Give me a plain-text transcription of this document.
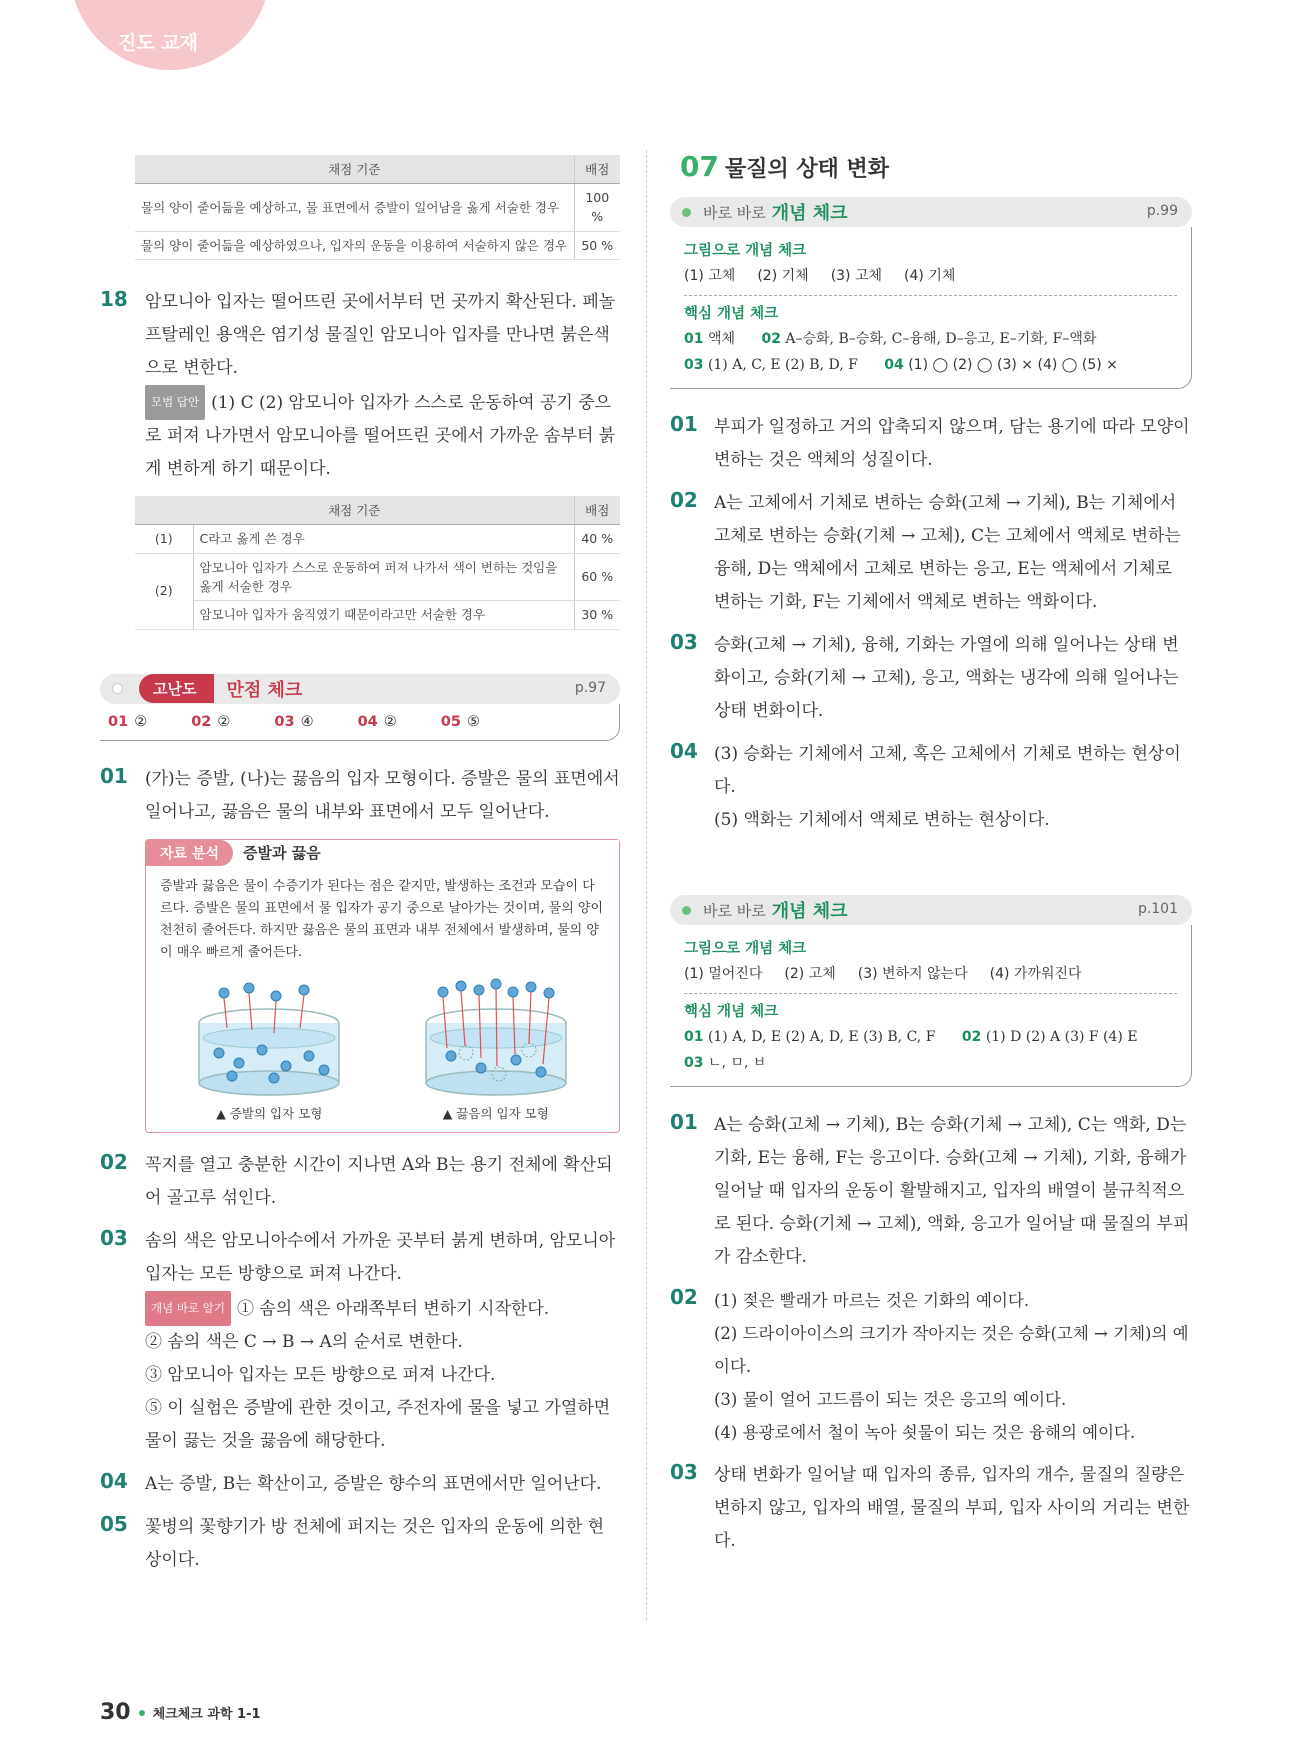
진도 교재
채점 기준	배점
물의 양이 줄어듦을 예상하고, 물 표면에서 증발이 일어남을 옳게 서술한 경우	100 %
물의 양이 줄어듦을 예상하였으나, 입자의 운동을 이용하여 서술하지 않은 경우	50 %
18 암모니아 입자는 떨어뜨린 곳에서부터 먼 곳까지 확산된다. 페놀프탈레인 용액은 염기성 물질인 암모니아 입자를 만나면 붉은색으로 변한다.
모범 답안 (1) C (2) 암모니아 입자가 스스로 운동하여 공기 중으로 퍼져 나가면서 암모니아를 떨어뜨린 곳에서 가까운 솜부터 붉게 변하게 하기 때문이다.
채점 기준		배점
(1)	C라고 옳게 쓴 경우	40 %
(2)	암모니아 입자가 스스로 운동하여 퍼져 나가서 색이 변하는 것임을 옳게 서술한 경우	60 %
	암모니아 입자가 움직였기 때문이라고만 서술한 경우	30 %
고난도	만점 체크	p.97
01 ②	02 ②	03 ④	04 ②	05 ⑤
01 (가)는 증발, (나)는 끓음의 입자 모형이다. 증발은 물의 표면에서 일어나고, 끓음은 물의 내부와 표면에서 모두 일어난다.
자료 분석	증발과 끓음
증발과 끓음은 물이 수증기가 된다는 점은 같지만, 발생하는 조건과 모습이 다르다. 증발은 물의 표면에서 물 입자가 공기 중으로 날아가는 것이며, 물의 양이 천천히 줄어든다. 하지만 끓음은 물의 표면과 내부 전체에서 발생하며, 물의 양이 매우 빠르게 줄어든다.
▲ 증발의 입자 모형	▲ 끓음의 입자 모형
02 꼭지를 열고 충분한 시간이 지나면 A와 B는 용기 전체에 확산되어 골고루 섞인다.
03 솜의 색은 암모니아수에서 가까운 곳부터 붉게 변하며, 암모니아 입자는 모든 방향으로 퍼져 나간다.
개념 바로 알기 ① 솜의 색은 아래쪽부터 변하기 시작한다.
② 솜의 색은 C → B → A의 순서로 변한다.
③ 암모니아 입자는 모든 방향으로 퍼져 나간다.
⑤ 이 실험은 증발에 관한 것이고, 주전자에 물을 넣고 가열하면 물이 끓는 것을 끓음에 해당한다.
04 A는 증발, B는 확산이고, 증발은 향수의 표면에서만 일어난다.
05 꽃병의 꽃향기가 방 전체에 퍼지는 것은 입자의 운동에 의한 현상이다.
07 물질의 상태 변화
바로 바로 개념 체크	p.99
그림으로 개념 체크
(1) 고체 (2) 기체 (3) 고체 (4) 기체
핵심 개념 체크
01 액체 02 A–승화, B–승화, C–융해, D–응고, E–기화, F–액화
03 (1) A, C, E (2) B, D, F 04 (1) ◯ (2) ◯ (3) × (4) ◯ (5) ×
01 부피가 일정하고 거의 압축되지 않으며, 담는 용기에 따라 모양이 변하는 것은 액체의 성질이다.
02 A는 고체에서 기체로 변하는 승화(고체 → 기체), B는 기체에서 고체로 변하는 승화(기체 → 고체), C는 고체에서 액체로 변하는 융해, D는 액체에서 고체로 변하는 응고, E는 액체에서 기체로 변하는 기화, F는 기체에서 액체로 변하는 액화이다.
03 승화(고체 → 기체), 융해, 기화는 가열에 의해 일어나는 상태 변화이고, 승화(기체 → 고체), 응고, 액화는 냉각에 의해 일어나는 상태 변화이다.
04 (3) 승화는 기체에서 고체, 혹은 고체에서 기체로 변하는 현상이다.
(5) 액화는 기체에서 액체로 변하는 현상이다.
바로 바로 개념 체크	p.101
그림으로 개념 체크
(1) 멀어진다 (2) 고체 (3) 변하지 않는다 (4) 가까워진다
핵심 개념 체크
01 (1) A, D, E (2) A, D, E (3) B, C, F 02 (1) D (2) A (3) F (4) E
03 ㄴ, ㅁ, ㅂ
01 A는 승화(고체 → 기체), B는 승화(기체 → 고체), C는 액화, D는 기화, E는 융해, F는 응고이다. 승화(고체 → 기체), 기화, 융해가 일어날 때 입자의 운동이 활발해지고, 입자의 배열이 불규칙적으로 된다. 승화(기체 → 고체), 액화, 응고가 일어날 때 물질의 부피가 감소한다.
02 (1) 젖은 빨래가 마르는 것은 기화의 예이다.
(2) 드라이아이스의 크기가 작아지는 것은 승화(고체 → 기체)의 예이다.
(3) 물이 얼어 고드름이 되는 것은 응고의 예이다.
(4) 용광로에서 철이 녹아 쇳물이 되는 것은 융해의 예이다.
03 상태 변화가 일어날 때 입자의 종류, 입자의 개수, 물질의 질량은 변하지 않고, 입자의 배열, 물질의 부피, 입자 사이의 거리는 변한다.
30 체크체크 과학 1-1
